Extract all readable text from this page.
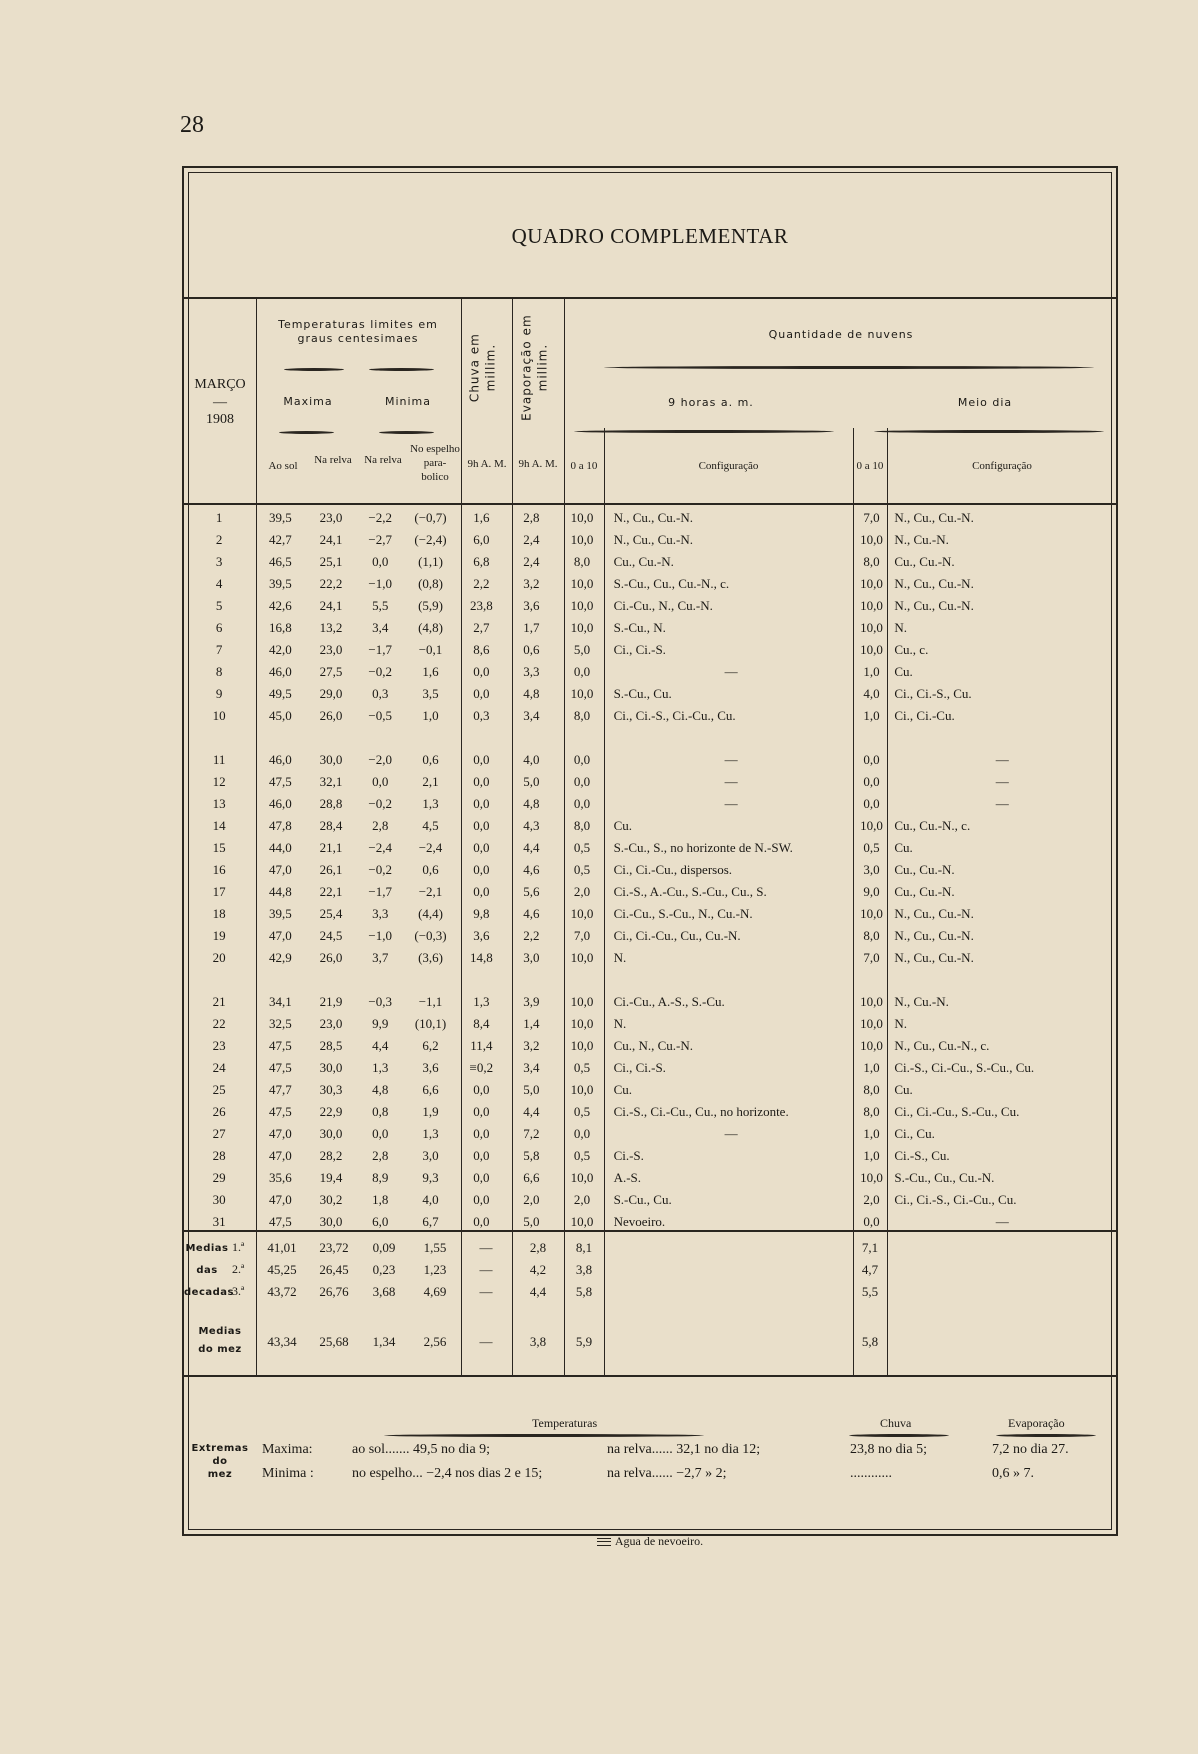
28
QUADRO COMPLEMENTAR
MARÇO
—
1908
Temperaturas limites em graus centesimaes
Maxima	Minima
Ao sol	Na relva	Na relva
No espelho para-bolico
Chuva em millim. Evaporação em millim.
9h A. M.	9h A. M.
Quantidade de nuvens
9 horas a. m.	Meio dia
0 a 10	Configuração	0 a 10	Configuração
1	39,5	23,0	−2,2	(−0,7)	1,6	2,8	10,0	N., Cu., Cu.-N.	7,0	N., Cu., Cu.-N.
2	42,7	24,1	−2,7	(−2,4)	6,0	2,4	10,0	N., Cu., Cu.-N.	10,0	N., Cu.-N.
3	46,5	25,1	0,0	(1,1)	6,8	2,4	8,0	Cu., Cu.-N.	8,0	Cu., Cu.-N.
4	39,5	22,2	−1,0	(0,8)	2,2	3,2	10,0	S.-Cu., Cu., Cu.-N., c.	10,0	N., Cu., Cu.-N.
5	42,6	24,1	5,5	(5,9)	23,8	3,6	10,0	Ci.-Cu., N., Cu.-N.	10,0	N., Cu., Cu.-N.
6	16,8	13,2	3,4	(4,8)	2,7	1,7	10,0	S.-Cu., N.	10,0	N.
7	42,0	23,0	−1,7	−0,1	8,6	0,6	5,0	Ci., Ci.-S.	10,0	Cu., c.
8	46,0	27,5	−0,2	1,6	0,0	3,3	0,0	—	1,0	Cu.
9	49,5	29,0	0,3	3,5	0,0	4,8	10,0	S.-Cu., Cu.	4,0	Ci., Ci.-S., Cu.
10	45,0	26,0	−0,5	1,0	0,3	3,4	8,0	Ci., Ci.-S., Ci.-Cu., Cu.	1,0	Ci., Ci.-Cu.

11	46,0	30,0	−2,0	0,6	0,0	4,0	0,0	—	0,0	—
12	47,5	32,1	0,0	2,1	0,0	5,0	0,0	—	0,0	—
13	46,0	28,8	−0,2	1,3	0,0	4,8	0,0	—	0,0	—
14	47,8	28,4	2,8	4,5	0,0	4,3	8,0	Cu.	10,0	Cu., Cu.-N., c.
15	44,0	21,1	−2,4	−2,4	0,0	4,4	0,5	S.-Cu., S., no horizonte de N.-SW.	0,5	Cu.
16	47,0	26,1	−0,2	0,6	0,0	4,6	0,5	Ci., Ci.-Cu., dispersos.	3,0	Cu., Cu.-N.
17	44,8	22,1	−1,7	−2,1	0,0	5,6	2,0	Ci.-S., A.-Cu., S.-Cu., Cu., S.	9,0	Cu., Cu.-N.
18	39,5	25,4	3,3	(4,4)	9,8	4,6	10,0	Ci.-Cu., S.-Cu., N., Cu.-N.	10,0	N., Cu., Cu.-N.
19	47,0	24,5	−1,0	(−0,3)	3,6	2,2	7,0	Ci., Ci.-Cu., Cu., Cu.-N.	8,0	N., Cu., Cu.-N.
20	42,9	26,0	3,7	(3,6)	14,8	3,0	10,0	N.	7,0	N., Cu., Cu.-N.

21	34,1	21,9	−0,3	−1,1	1,3	3,9	10,0	Ci.-Cu., A.-S., S.-Cu.	10,0	N., Cu.-N.
22	32,5	23,0	9,9	(10,1)	8,4	1,4	10,0	N.	10,0	N.
23	47,5	28,5	4,4	6,2	11,4	3,2	10,0	Cu., N., Cu.-N.	10,0	N., Cu., Cu.-N., c.
24	47,5	30,0	1,3	3,6	≡0,2	3,4	0,5	Ci., Ci.-S.	1,0	Ci.-S., Ci.-Cu., S.-Cu., Cu.
25	47,7	30,3	4,8	6,6	0,0	5,0	10,0	Cu.	8,0	Cu.
26	47,5	22,9	0,8	1,9	0,0	4,4	0,5	Ci.-S., Ci.-Cu., Cu., no horizonte.	8,0	Ci., Ci.-Cu., S.-Cu., Cu.
27	47,0	30,0	0,0	1,3	0,0	7,2	0,0	—	1,0	Ci., Cu.
28	47,0	28,2	2,8	3,0	0,0	5,8	0,5	Ci.-S.	1,0	Ci.-S., Cu.
29	35,6	19,4	8,9	9,3	0,0	6,6	10,0	A.-S.	10,0	S.-Cu., Cu., Cu.-N.
30	47,0	30,2	1,8	4,0	0,0	2,0	2,0	S.-Cu., Cu.	2,0	Ci., Ci.-S., Ci.-Cu., Cu.
31	47,5	30,0	6,0	6,7	0,0	5,0	10,0	Nevoeiro.	0,0	—
Medias
das
decadas
1.ª 41,01 23,72 0,09 1,55	—	2,8 8,1	7,1
2.ª 45,25 26,45 0,23 1,23	—	4,2 3,8	4,7
3.ª 43,72 26,76 3,68 4,69	—	4,4 5,8	5,5
Medias
do mez
43,34 25,68 1,34 2,56	—	3,8 5,9	5,8
Temperaturas	Chuva	Evaporação
Extremas
do
mez
Maxima:	ao sol....... 49,5 no dia 9;	na relva...... 32,1 no dia 12;	23,8 no dia 5;	7,2 no dia 27.
Minima :	no espelho... −2,4 nos dias 2 e 15;	na relva...... −2,7 » 2;	............	0,6 » 7.
Agua de nevoeiro.
